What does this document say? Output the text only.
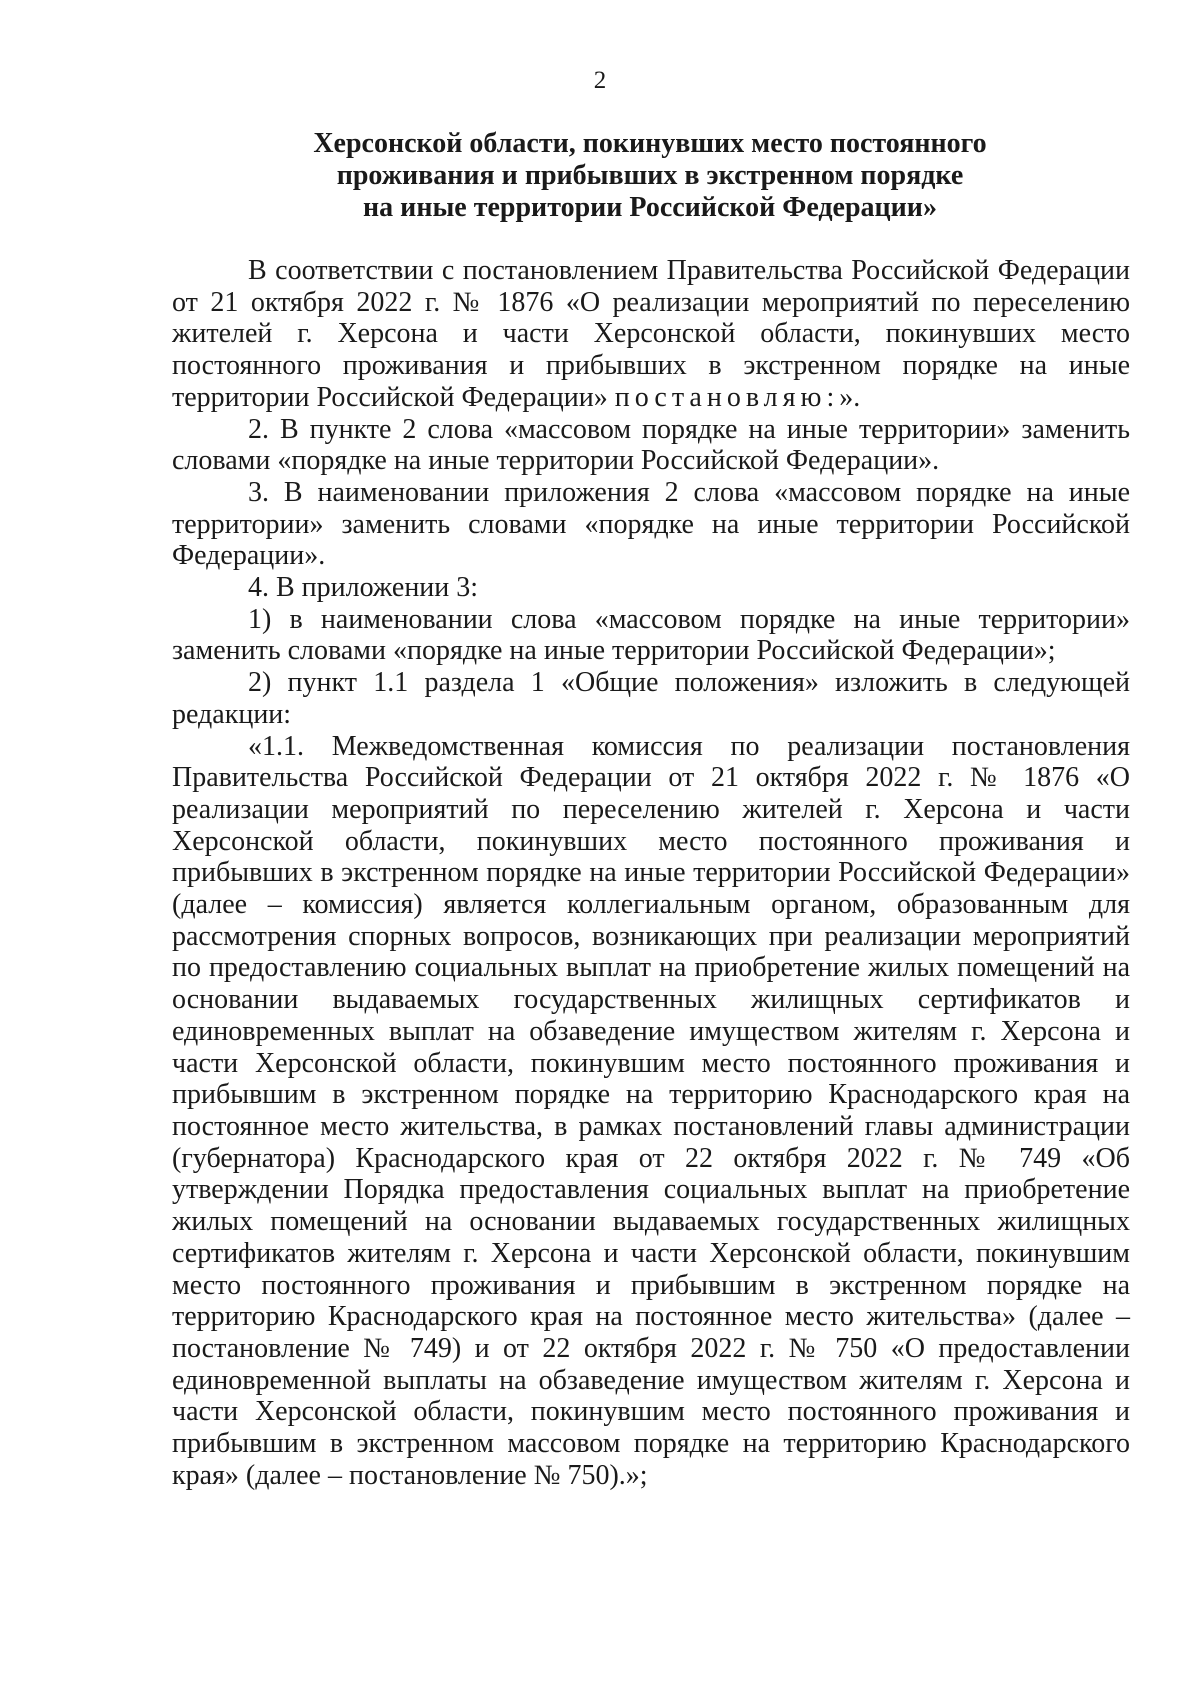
2
Херсонской области, покинувших место постоянного
проживания и прибывших в экстренном порядке
на иные территории Российской Федерации»

В соответствии с постановлением Правительства Российской Федерации от 21 октября 2022 г. № 1876 «О реализации мероприятий по переселению жителей г. Херсона и части Херсонской области, покинувших место постоянного проживания и прибывших в экстренном порядке на иные территории Российской Федерации» постановляю:».

2. В пункте 2 слова «массовом порядке на иные территории» заменить словами «порядке на иные территории Российской Федерации».

3. В наименовании приложения 2 слова «массовом порядке на иные территории» заменить словами «порядке на иные территории Российской Федерации».

4. В приложении 3:

1) в наименовании слова «массовом порядке на иные территории» заменить словами «порядке на иные территории Российской Федерации»;

2) пункт 1.1 раздела 1 «Общие положения» изложить в следующей редакции:

«1.1. Межведомственная комиссия по реализации постановления Правительства Российской Федерации от 21 октября 2022 г. № 1876 «О реализации мероприятий по переселению жителей г. Херсона и части Херсонской области, покинувших место постоянного проживания и прибывших в экстренном порядке на иные территории Российской Федерации» (далее – комиссия) является коллегиальным органом, образованным для рассмотрения спорных вопросов, возникающих при реализации мероприятий по предоставлению социальных выплат на приобретение жилых помещений на основании выдаваемых государственных жилищных сертификатов и единовременных выплат на обзаведение имуществом жителям г. Херсона и части Херсонской области, покинувшим место постоянного проживания и прибывшим в экстренном порядке на территорию Краснодарского края на постоянное место жительства, в рамках постановлений главы администрации (губернатора) Краснодарского края от 22 октября 2022 г. № 749 «Об утверждении Порядка предоставления социальных выплат на приобретение жилых помещений на основании выдаваемых государственных жилищных сертификатов жителям г. Херсона и части Херсонской области, покинувшим место постоянного проживания и прибывшим в экстренном порядке на территорию Краснодарского края на постоянное место жительства» (далее – постановление № 749) и от 22 октября 2022 г. № 750 «О предоставлении единовременной выплаты на обзаведение имуществом жителям г. Херсона и части Херсонской области, покинувшим место постоянного проживания и прибывшим в экстренном массовом порядке на территорию Краснодарского края» (далее – постановление № 750).»;
